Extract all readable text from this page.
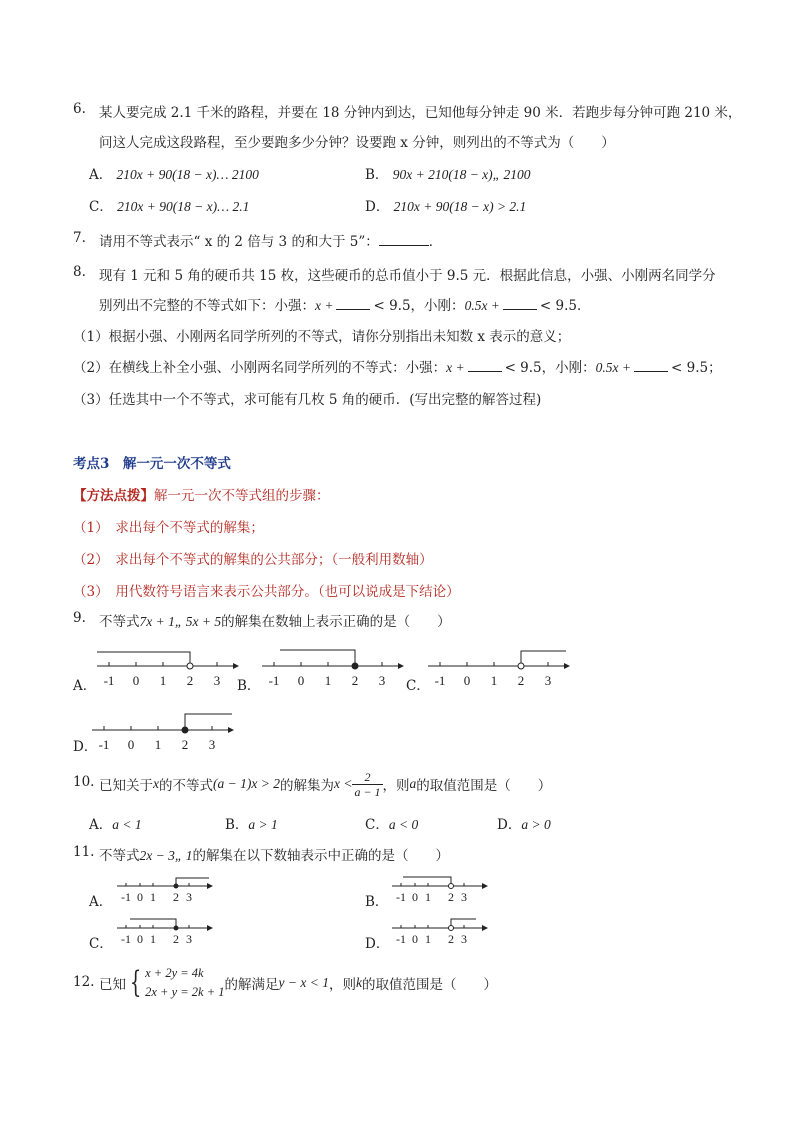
6. 某人要完成 2.1 千米的路程，并要在 18 分钟内到达，已知他每分钟走 90 米．若跑步每分钟可跑 210 米，
问这人完成这段路程，至少要跑多少分钟？设要跑 x 分钟，则列出的不等式为（　　）
A． 210x + 90(18 − x)… 2100	B． 90x + 210(18 − x)„ 2100
C． 210x + 90(18 − x)… 2.1	D． 210x + 90(18 − x) > 2.1
7. 请用不等式表示“ x 的 2 倍与 3 的和大于 5”：	．
8. 现有 1 元和 5 角的硬币共 15 枚，这些硬币的总币值小于 9.5 元．根据此信息，小强、小刚两名同学分
别列出不完整的不等式如下：小强：x +	< 9.5，小刚：0.5x +	< 9.5．
（1）根据小强、小刚两名同学所列的不等式，请你分别指出未知数 x 表示的意义；
（2）在横线上补全小强、小刚两名同学所列的不等式：小强：x +	< 9.5，小刚：0.5x +	< 9.5；
（3）任选其中一个不等式，求可能有几枚 5 角的硬币．(写出完整的解答过程)
考点3　解一元一次不等式
【方法点拨】解一元一次不等式组的步骤：
（1）　求出每个不等式的解集；
（2）　求出每个不等式的解集的公共部分；（一般利用数轴）
（3）　用代数符号语言来表示公共部分。（也可以说成是下结论）
9. 不等式7x + 1„ 5x + 5的解集在数轴上表示正确的是（　　）
A．	B．	C．
D．
-1 0 1 2 3	-1 0 1 2 3	-1 0 1 2 3
-1 0 1 2 3
10. 已知关于 x 的不等式 (a − 1)x > 2 的解集为 $x < \frac{2}{a - 1}$ ，则 a 的取值范围是（　　）
A．a < 1	B．a > 1	C．a < 0	D．a > 0
11. 不等式2x − 3„ 1的解集在以下数轴表示中正确的是（　　）
A．	B．
C．	D．
-1 0 1 2 3	-1 0 1 2 3
-1 0 1 2 3	-1 0 1 2 3
12. 已知 { x + 2y = 4k
2x + y = 2k + 1 的解满足 y − x < 1 ，则 k 的取值范围是（　　）
